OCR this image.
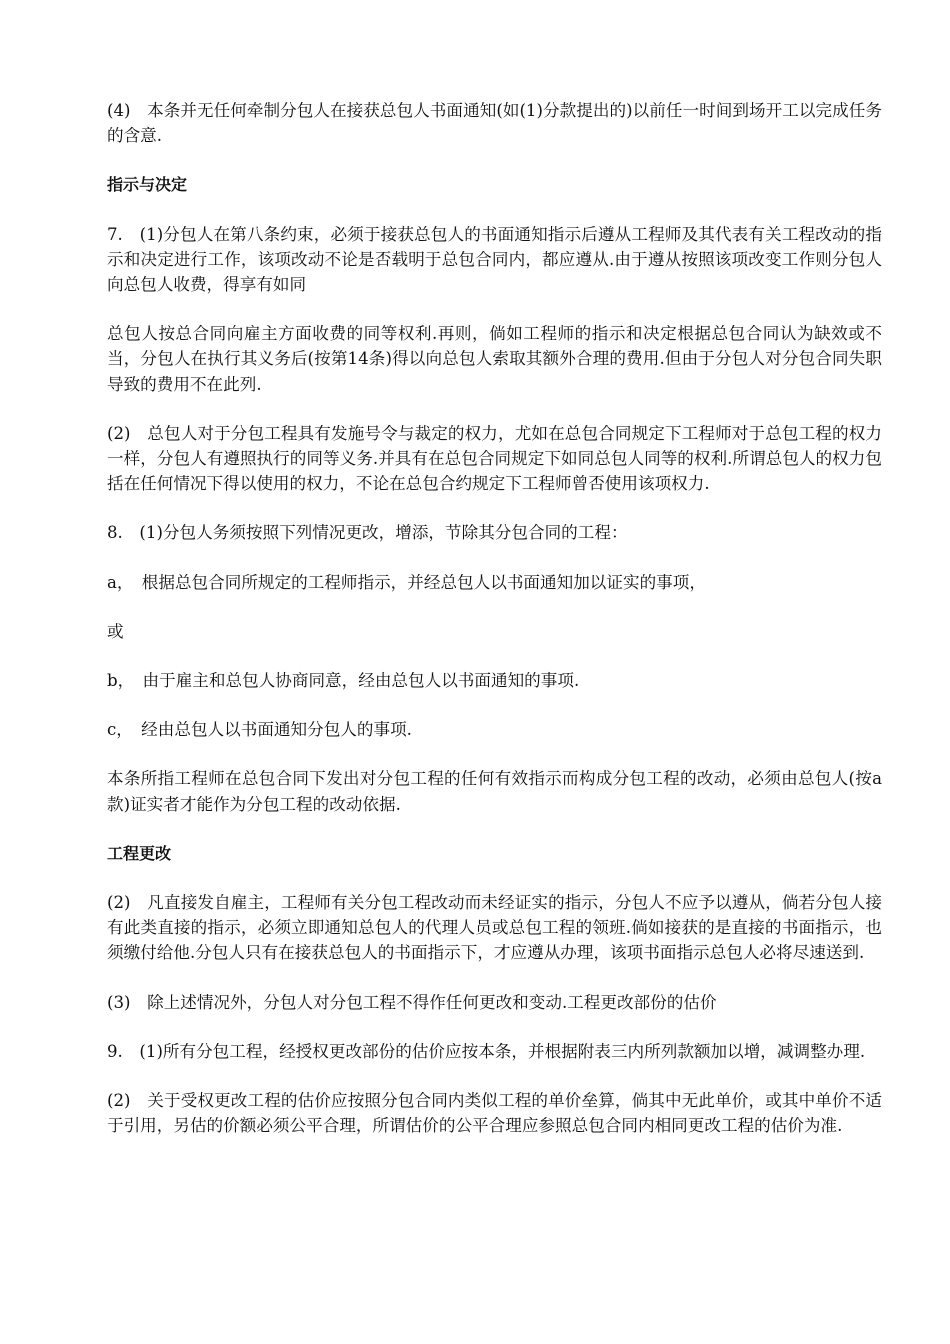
(4)　本条并无任何牵制分包人在接获总包人书面通知(如(1)分款提出的)以前任一时间到场开工以完成任务的含意.

指示与决定

7.　(1)分包人在第八条约束，必须于接获总包人的书面通知指示后遵从工程师及其代表有关工程改动的指示和决定进行工作，该项改动不论是否载明于总包合同内，都应遵从.由于遵从按照该项改变工作则分包人向总包人收费，得享有如同

总包人按总合同向雇主方面收费的同等权利.再则，倘如工程师的指示和决定根据总包合同认为缺效或不当，分包人在执行其义务后(按第14条)得以向总包人索取其额外合理的费用.但由于分包人对分包合同失职导致的费用不在此列.

(2)　总包人对于分包工程具有发施号令与裁定的权力，尤如在总包合同规定下工程师对于总包工程的权力一样，分包人有遵照执行的同等义务.并具有在总包合同规定下如同总包人同等的权利.所谓总包人的权力包括在任何情况下得以使用的权力，不论在总包合约规定下工程师曾否使用该项权力.

8.　(1)分包人务须按照下列情况更改，增添，节除其分包合同的工程：

a，　根据总包合同所规定的工程师指示，并经总包人以书面通知加以证实的事项，

或

b，　由于雇主和总包人协商同意，经由总包人以书面通知的事项.

c，　经由总包人以书面通知分包人的事项.

本条所指工程师在总包合同下发出对分包工程的任何有效指示而构成分包工程的改动，必须由总包人(按a款)证实者才能作为分包工程的改动依据.

工程更改

(2)　凡直接发自雇主，工程师有关分包工程改动而未经证实的指示，分包人不应予以遵从，倘若分包人接有此类直接的指示，必须立即通知总包人的代理人员或总包工程的领班.倘如接获的是直接的书面指示，也须缴付给他.分包人只有在接获总包人的书面指示下，才应遵从办理，该项书面指示总包人必将尽速送到.

(3)　除上述情况外，分包人对分包工程不得作任何更改和变动.工程更改部份的估价

9.　(1)所有分包工程，经授权更改部份的估价应按本条，并根据附表三内所列款额加以增，减调整办理.

(2)　关于受权更改工程的估价应按照分包合同内类似工程的单价垒算，倘其中无此单价，或其中单价不适于引用，另估的价额必须公平合理，所谓估价的公平合理应参照总包合同内相同更改工程的估价为准.
